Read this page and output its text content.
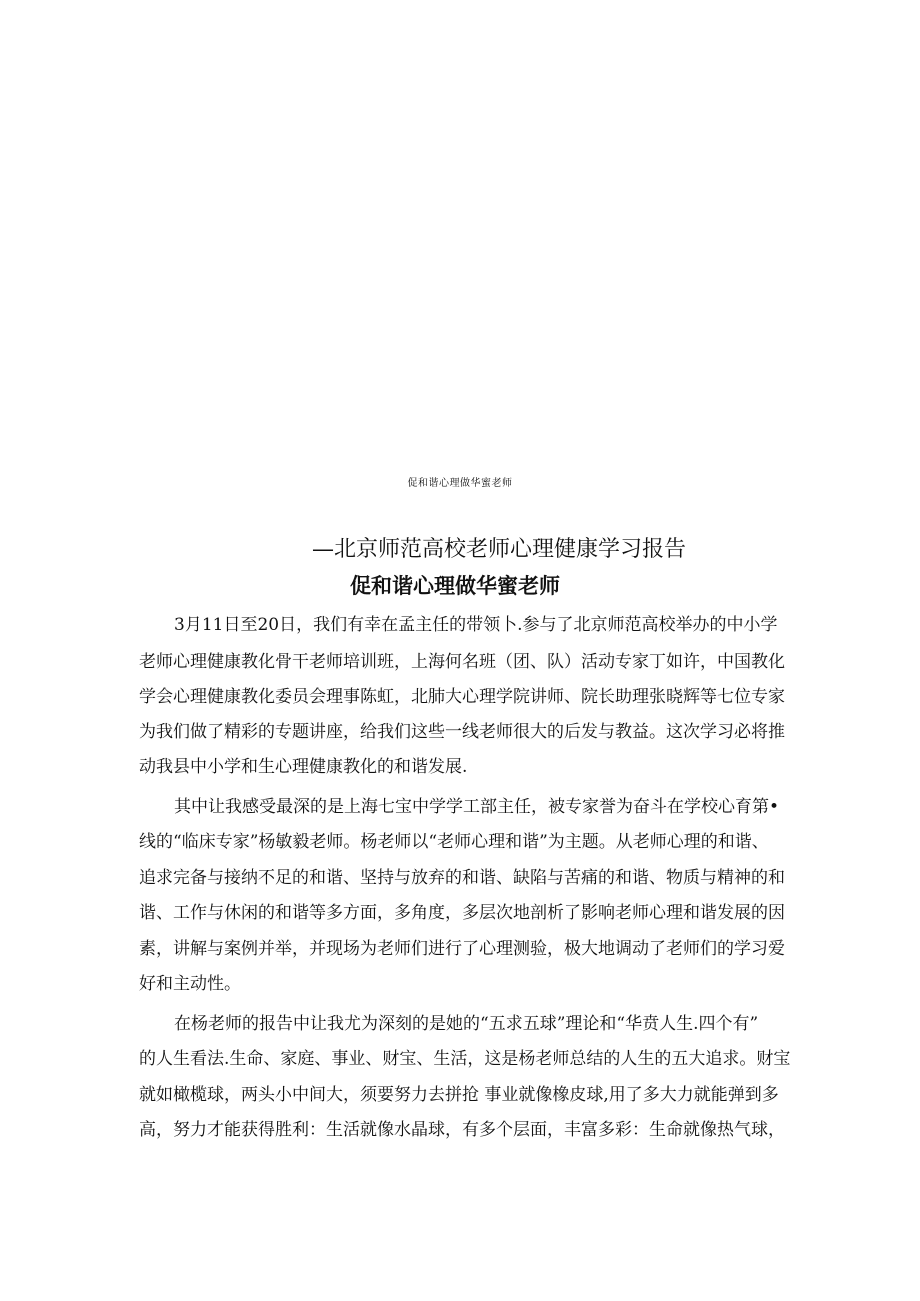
促和谐心理做华蜜老师
—北京师范高校老师心理健康学习报告
促和谐心理做华蜜老师
3月11日至20日，我们有幸在孟主任的带领卜.参与了北京师范高校举办的中小学
老师心理健康教化骨干老师培训班，上海何名班（团、队）活动专家丁如许，中国教化
学会心理健康教化委员会理事陈虹，北肺大心理学院讲师、院长助理张晓辉等七位专家
为我们做了精彩的专题讲座，给我们这些一线老师很大的后发与教益。这次学习必将推
动我县中小学和生心理健康教化的和谐发展.
其中让我感受最深的是上海七宝中学学工部主任，被专家誉为奋斗在学校心育第•
线的“临床专家”杨敏毅老师。杨老师以“老师心理和谐”为主题。从老师心理的和谐、
追求完备与接纳不足的和谐、坚持与放弃的和谐、缺陷与苦痛的和谐、物质与精神的和
谐、工作与休闲的和谐等多方面，多角度，多层次地剖析了影响老师心理和谐发展的因
素，讲解与案例并举，并现场为老师们进行了心理测验，极大地调动了老师们的学习爱
好和主动性。
在杨老师的报告中让我尤为深刻的是她的“五求五球”理论和“华贲人生.四个有”
的人生看法.生命、家庭、事业、财宝、生活，这是杨老师总结的人生的五大追求。财宝
就如橄榄球，两头小中间大，须要努力去拼抢 事业就像橡皮球,用了多大力就能弹到多
高，努力才能获得胜利：生活就像水晶球，有多个层面，丰富多彩：生命就像热气球，
